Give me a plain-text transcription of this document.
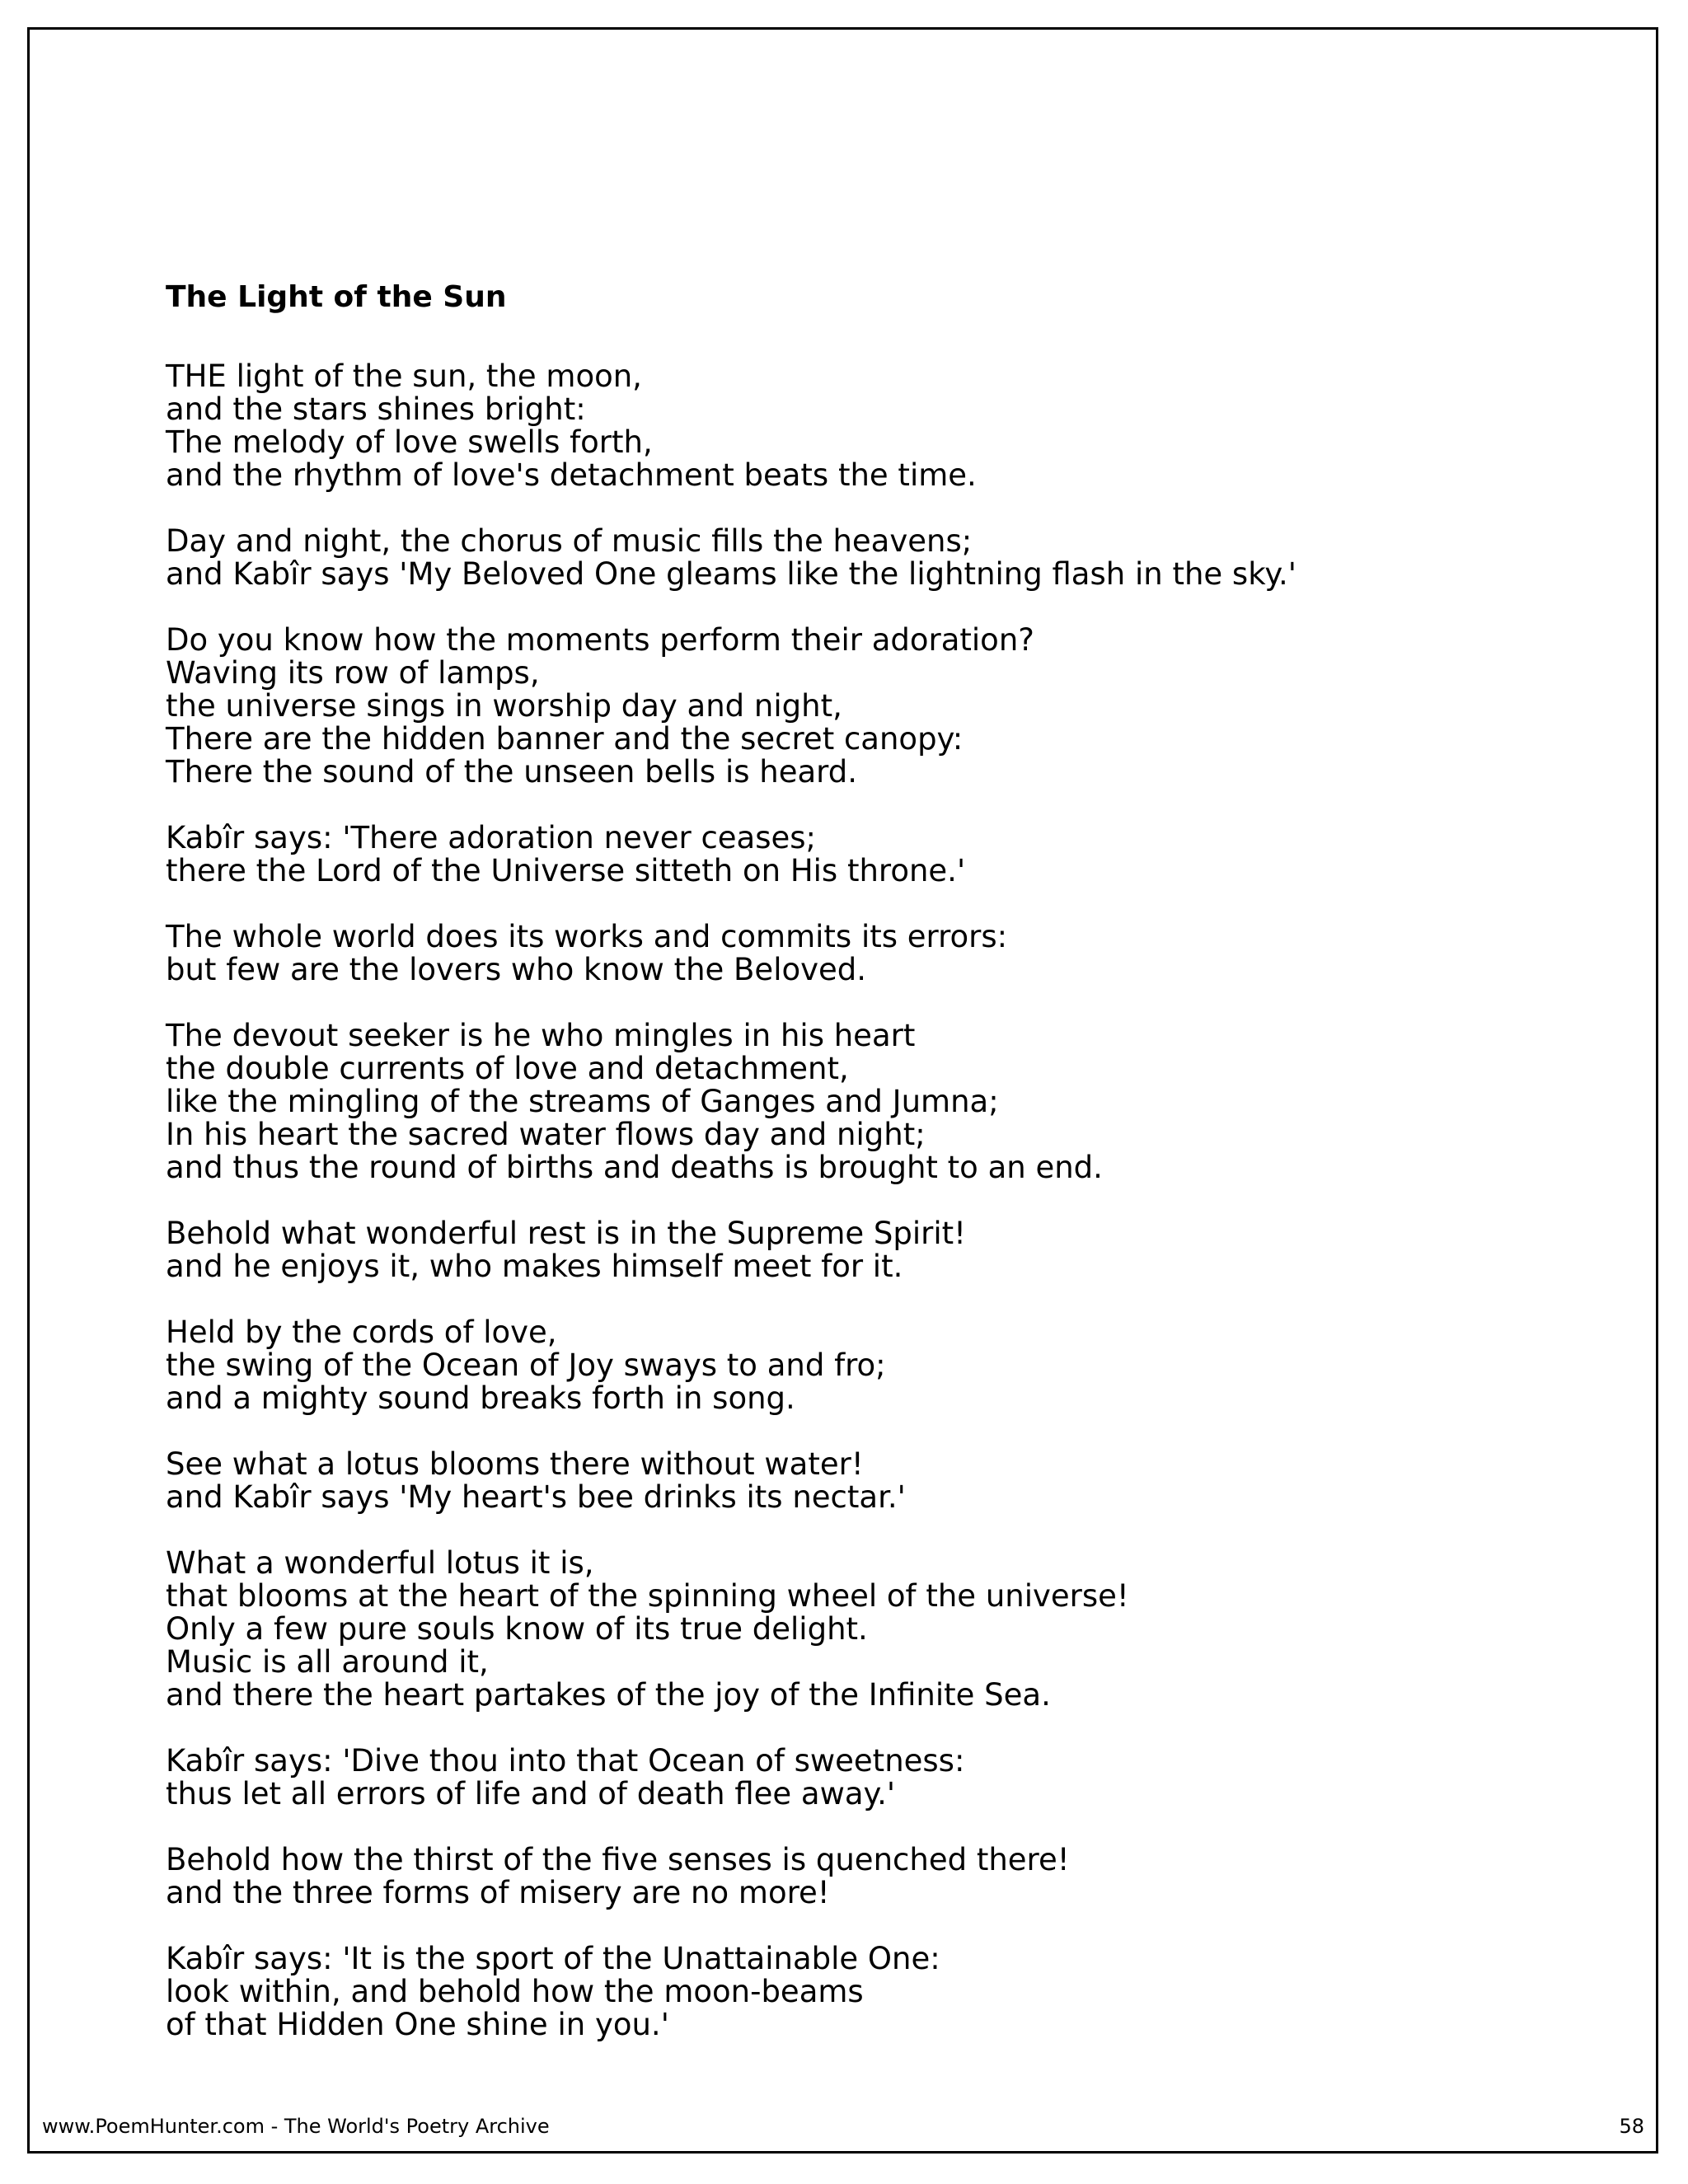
The Light of the Sun
THE light of the sun, the moon,
and the stars shines bright:
The melody of love swells forth,
and the rhythm of love's detachment beats the time.
Day and night, the chorus of music fills the heavens;
and Kabîr says 'My Beloved One gleams like the lightning flash in the sky.'
Do you know how the moments perform their adoration?
Waving its row of lamps,
the universe sings in worship day and night,
There are the hidden banner and the secret canopy:
There the sound of the unseen bells is heard.
Kabîr says: 'There adoration never ceases;
there the Lord of the Universe sitteth on His throne.'
The whole world does its works and commits its errors:
but few are the lovers who know the Beloved.
The devout seeker is he who mingles in his heart
the double currents of love and detachment,
like the mingling of the streams of Ganges and Jumna;
In his heart the sacred water flows day and night;
and thus the round of births and deaths is brought to an end.
Behold what wonderful rest is in the Supreme Spirit!
and he enjoys it, who makes himself meet for it.
Held by the cords of love,
the swing of the Ocean of Joy sways to and fro;
and a mighty sound breaks forth in song.
See what a lotus blooms there without water!
and Kabîr says 'My heart's bee drinks its nectar.'
What a wonderful lotus it is,
that blooms at the heart of the spinning wheel of the universe!
Only a few pure souls know of its true delight.
Music is all around it,
and there the heart partakes of the joy of the Infinite Sea.
Kabîr says: 'Dive thou into that Ocean of sweetness:
thus let all errors of life and of death flee away.'
Behold how the thirst of the five senses is quenched there!
and the three forms of misery are no more!
Kabîr says: 'It is the sport of the Unattainable One:
look within, and behold how the moon-beams
of that Hidden One shine in you.'
www.PoemHunter.com - The World's Poetry Archive	58
